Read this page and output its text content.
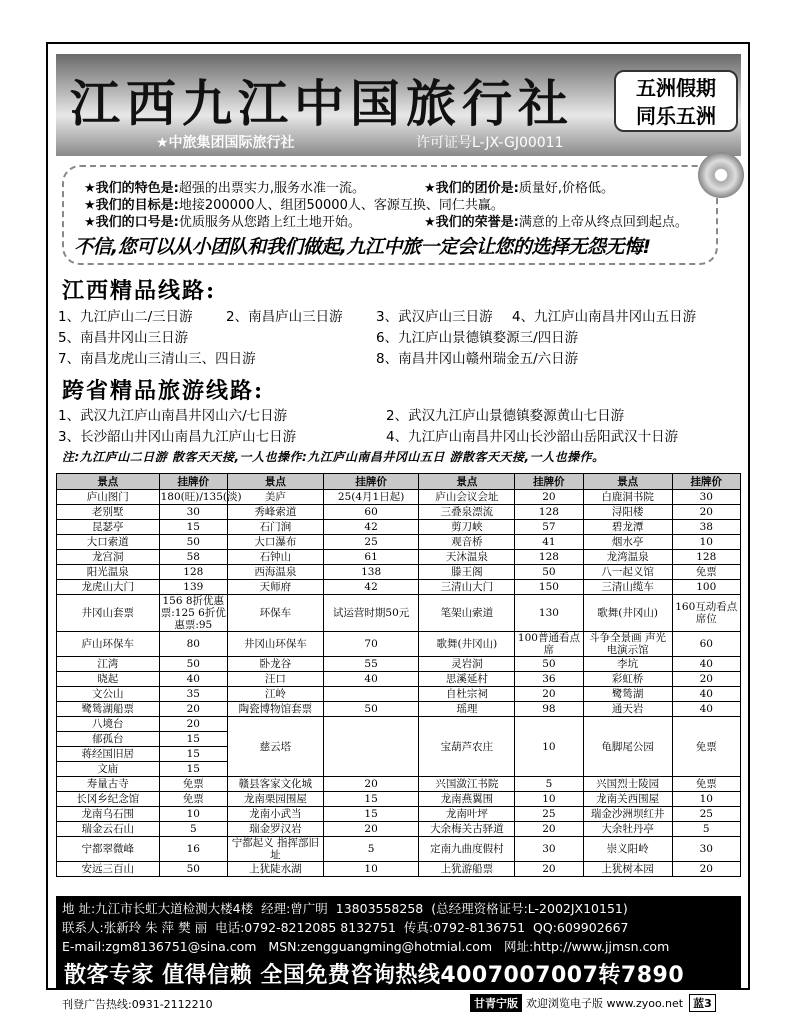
江西九江中国旅行社
★中旅集团国际旅行社	许可证号L-JX-GJ00011
五洲假期
同乐五洲
★我们的特色是:超强的出票实力,服务水准一流。	★我们的团价是:质量好,价格低。
★我们的目标是:地接200000人、组团50000人、客源互换、同仁共赢。
★我们的口号是:优质服务从您踏上红土地开始。	★我们的荣誉是:满意的上帝从终点回到起点。
不信,您可以从小团队和我们做起,九江中旅一定会让您的选择无怨无悔!
江西精品线路:
1、九江庐山二/三日游 2、南昌庐山三日游 3、武汉庐山三日游 4、九江庐山南昌井冈山五日游
5、南昌井冈山三日游	6、九江庐山景德镇婺源三/四日游
7、南昌龙虎山三清山三、四日游	8、南昌井冈山赣州瑞金五/六日游
跨省精品旅游线路:
1、武汉九江庐山南昌井冈山六/七日游	2、武汉九江庐山景德镇婺源黄山七日游
3、长沙韶山井冈山南昌九江庐山七日游	4、九江庐山南昌井冈山长沙韶山岳阳武汉十日游
注:九江庐山二日游 散客天天接,一人也操作:九江庐山南昌井冈山五日 游散客天天接,一人也操作。
景点	挂牌价	景点	挂牌价	景点	挂牌价	景点	挂牌价
庐山图门	180(旺)/135(淡)	美庐	25(4月1日起)	庐山会议会址	20	白鹿洞书院	30
老别墅	30	秀峰索道	60	三叠泉漂流	128	浔阳楼	20
昆瑟亭	15	石门涧	42	剪刀峡	57	碧龙潭	38
大口索道	50	大口瀑布	25	观音桥	41	烟水亭	10
龙宫洞	58	石钟山	61	天沐温泉	128	龙湾温泉	128
阳光温泉	128	西海温泉	138	滕王阁	50	八一起义馆	免票
龙虎山大门	139	天师府	42	三清山大门	150	三清山缆车	100
井冈山套票	156 8折优惠票:125 6折优惠票:95	环保车	试运营时期50元	笔架山索道	130	歌舞(井冈山)	160互动看点席位
庐山环保车	80	井冈山环保车	70	歌舞(井冈山)	100普通看点席	斗争全景画 声光电演示馆	60
江湾	50	卧龙谷	55	灵岩洞	50	李坑	40
晓起	40	汪口	40	思溪延村	36	彩虹桥	20
文公山	35	江岭		自杜宗祠	20	鹭鸶湖	40
鹭鸶湖船票	20	陶瓷博物馆套票	50	瑶理	98	通天岩	40
八境台	20	慈云塔		宝葫芦农庄	10	龟脚尾公园	免票
郁孤台	15						
蒋经国旧居	15						
文庙	15						
寿量古寺	免票	赣县客家文化城	20	兴国潋江书院	5	兴国烈士陵园	免票
长冈乡纪念馆	免票	龙南栗园围屋	15	龙南燕翼围	10	龙南关西围屋	10
龙南乌石围	10	龙南小武当	15	龙南叶坪	25	瑞金沙洲坝红井	25
瑞金云石山	5	瑞金罗汉岩	20	大余梅关古驿道	20	大余牡丹亭	5
宁都翠微峰	16	宁都起义 指挥部旧址	5	定南九曲度假村	30	崇义阳岭	30
安远三百山	50	上犹陡水湖	10	上犹游船票	20	上犹树本园	20
地 址:九江市长虹大道检测大楼4楼 经理:曾广明 13803558258 (总经理资格证号:L-2002JX10151)
联系人:张新玲 朱 萍 樊 丽 电话:0792-8212085 8132751 传真:0792-8136751 QQ:609902667
E-mail:zgm8136751@sina.com MSN:zengguangming@hotmial.com 网址:http://www.jjmsn.com
散客专家 值得信赖 全国免费咨询热线4007007007转7890
刊登广告热线:0931-2112210	甘青宁版 欢迎浏览电子版 www.zyoo.net 蓝3
